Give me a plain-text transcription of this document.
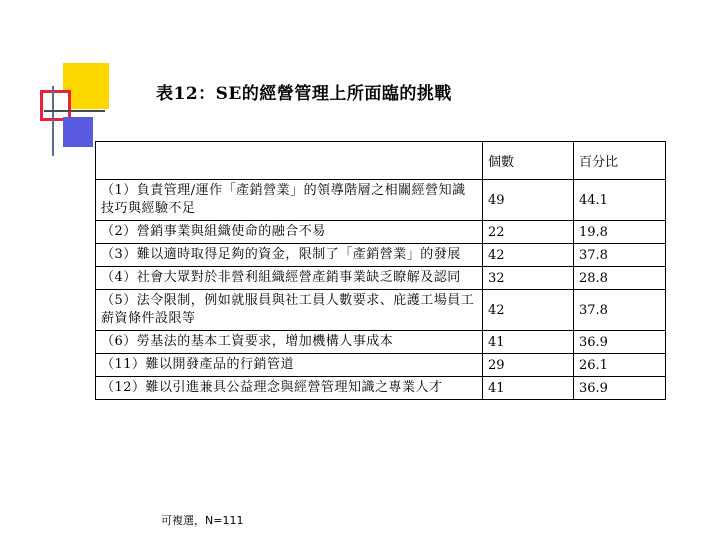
表12：SE的經營管理上所面臨的挑戰
	個數	百分比
（1）負責管理/運作「產銷營業」的領導階層之相關經營知識技巧與經驗不足	49	44.1
（2）營銷事業與組織使命的融合不易	22	19.8
（3）難以適時取得足夠的資金，限制了「產銷營業」的發展	42	37.8
（4）社會大眾對於非營利組織經營產銷事業缺乏瞭解及認同	32	28.8
（5）法令限制，例如就服員與社工員人數要求、庇護工場員工薪資條件設限等	42	37.8
（6）勞基法的基本工資要求，增加機構人事成本	41	36.9
（11）難以開發產品的行銷管道	29	26.1
（12）難以引進兼具公益理念與經營管理知識之專業人才	41	36.9
可複選，N=111
